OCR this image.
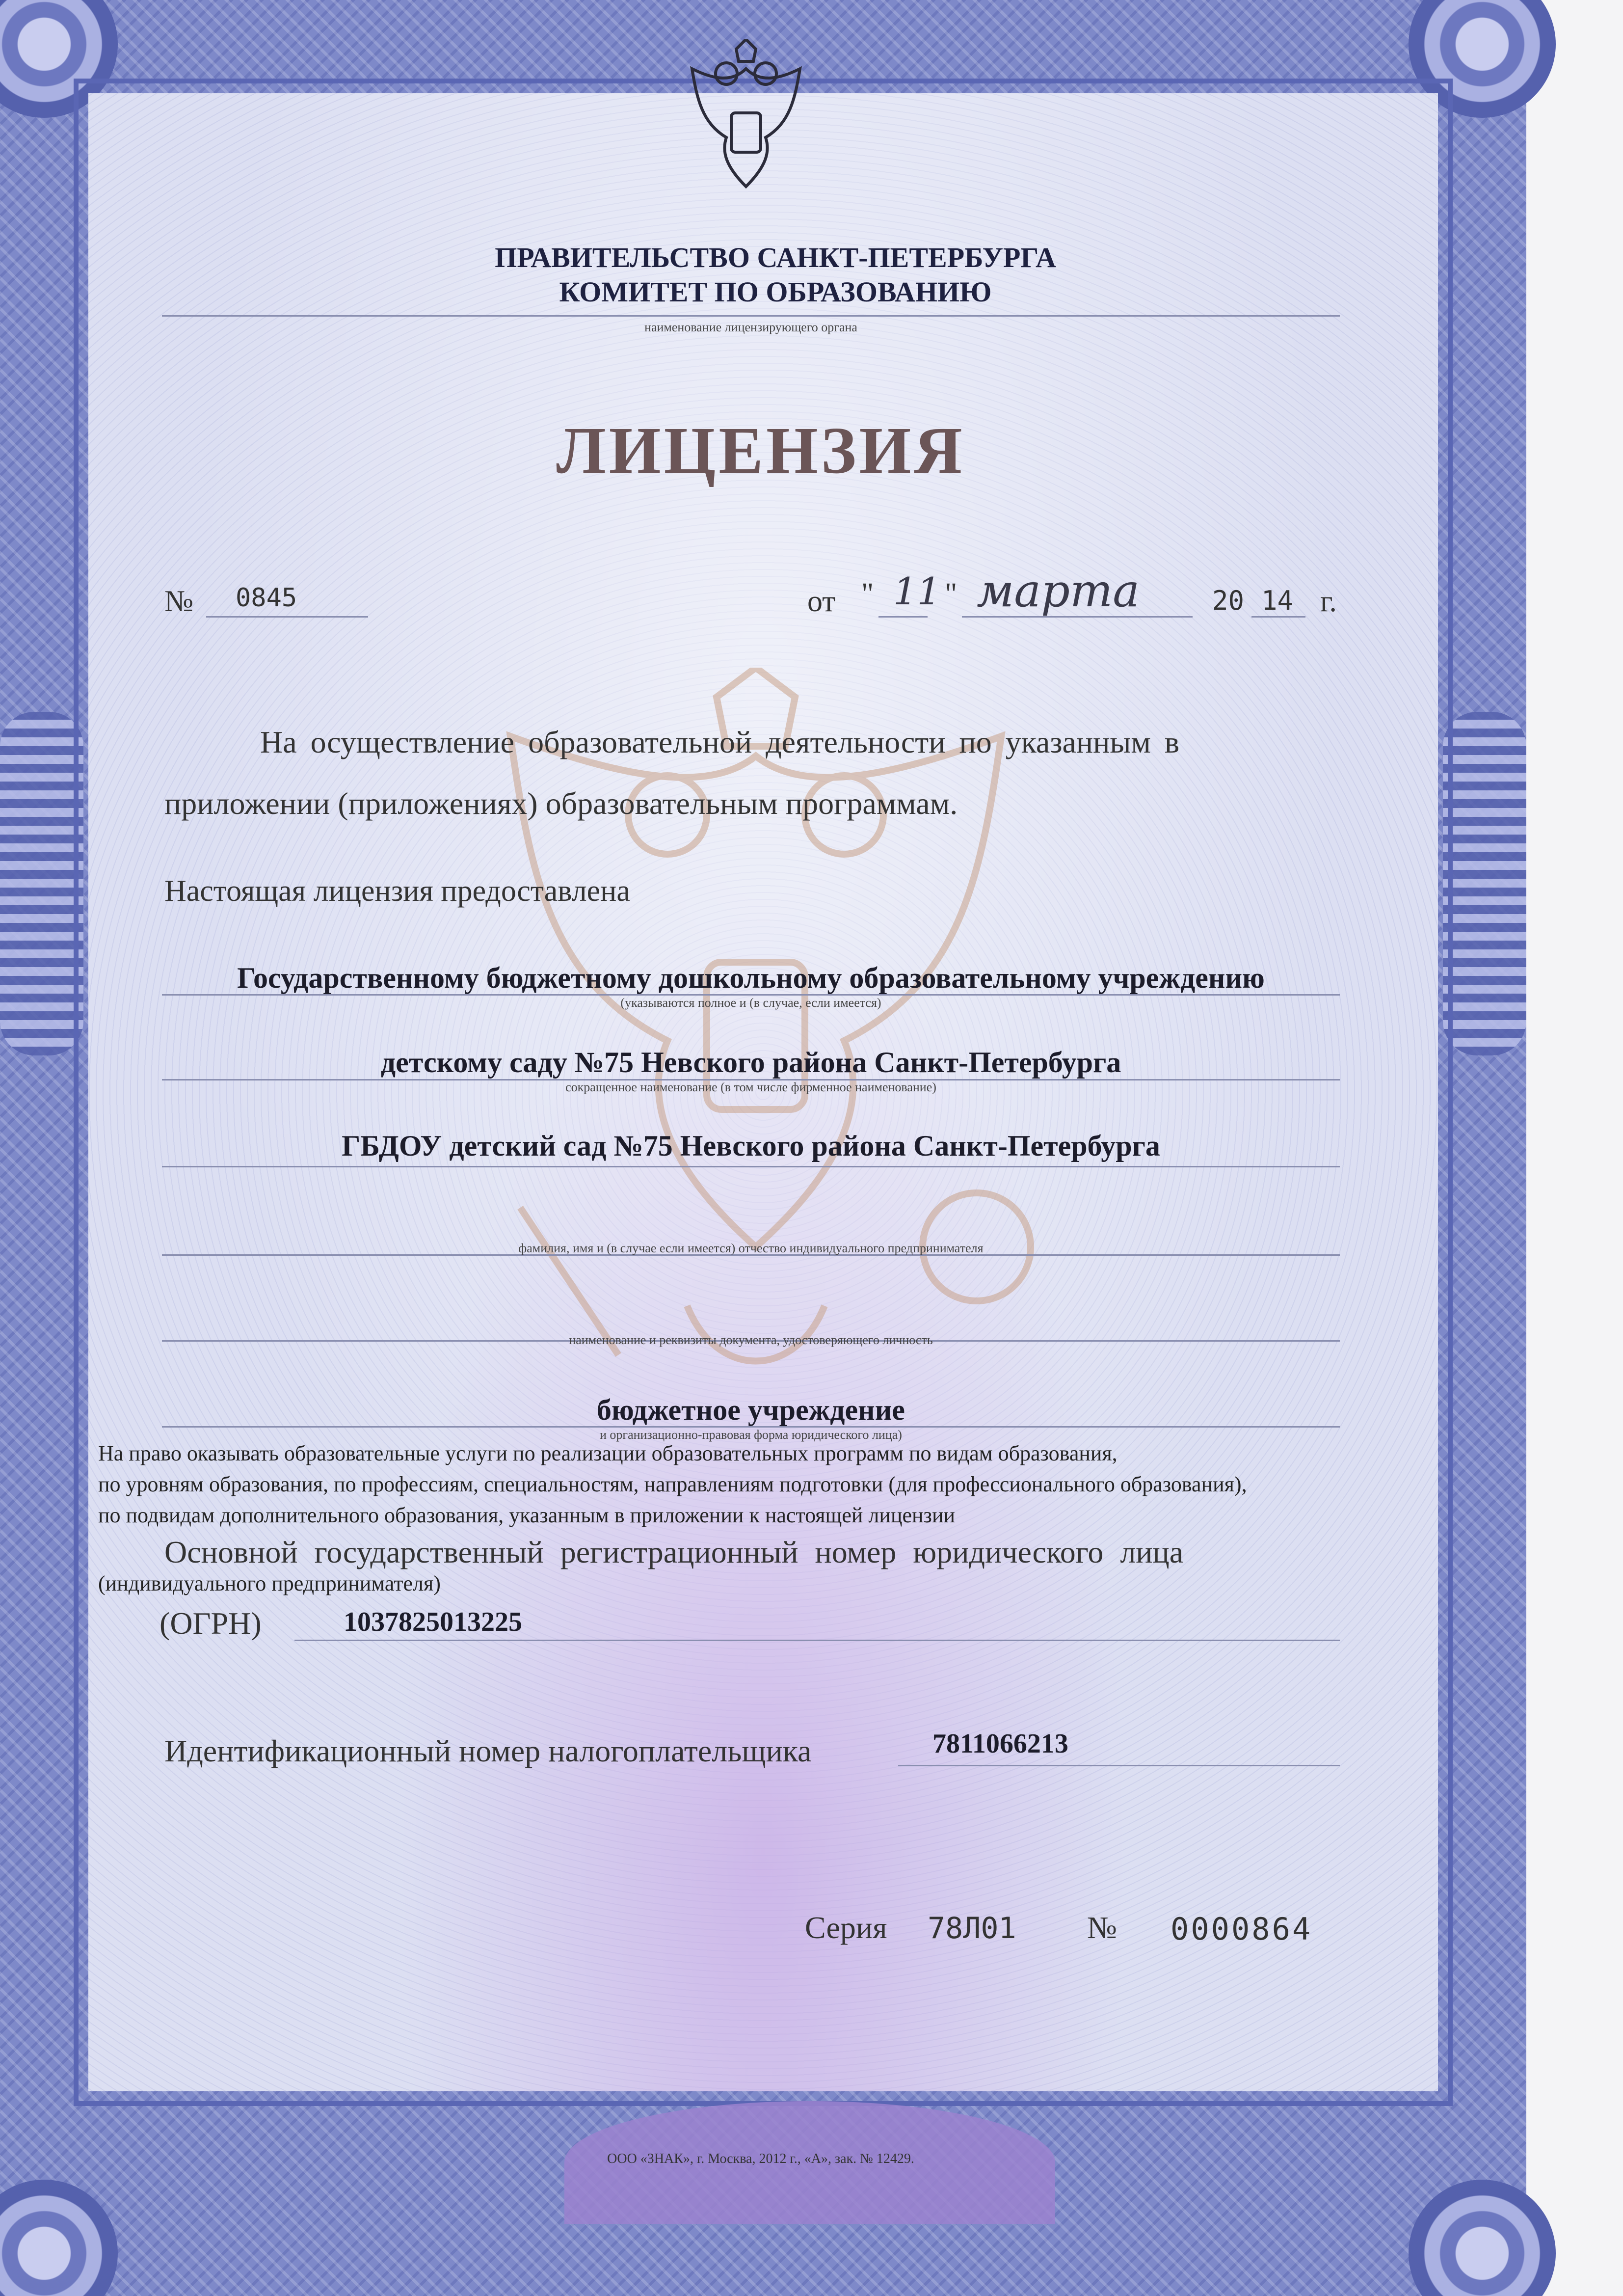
ПРАВИТЕЛЬСТВО САНКТ-ПЕТЕРБУРГА
КОМИТЕТ ПО ОБРАЗОВАНИЮ
наименование лицензирующего органа
ЛИЦЕНЗИЯ
№ 0845	от " 11 " марта	20 14 г.
На осуществление образовательной деятельности по указанным в
приложении (приложениях) образовательным программам.
Настоящая лицензия предоставлена
Государственному бюджетному дошкольному образовательному учреждению
(указываются полное и (в случае, если имеется)
детскому саду №75 Невского района Санкт-Петербурга
сокращенное наименование (в том числе фирменное наименование)
ГБДОУ детский сад №75 Невского района Санкт-Петербурга
фамилия, имя и (в случае если имеется) отчество индивидуального предпринимателя
наименование и реквизиты документа, удостоверяющего личность
бюджетное учреждение
и организационно-правовая форма юридического лица)
На право оказывать образовательные услуги по реализации образовательных программ по видам образования,
по уровням образования, по профессиям, специальностям, направлениям подготовки (для профессионального образования),
по подвидам дополнительного образования, указанным в приложении к настоящей лицензии
Основной государственный регистрационный номер юридического лица
(индивидуального предпринимателя)
(ОГРН)	1037825013225
Идентификационный номер налогоплательщика	7811066213
Серия 78Л01 № 0000864
ООО «ЗНАК», г. Москва, 2012 г., «А», зак. № 12429.
